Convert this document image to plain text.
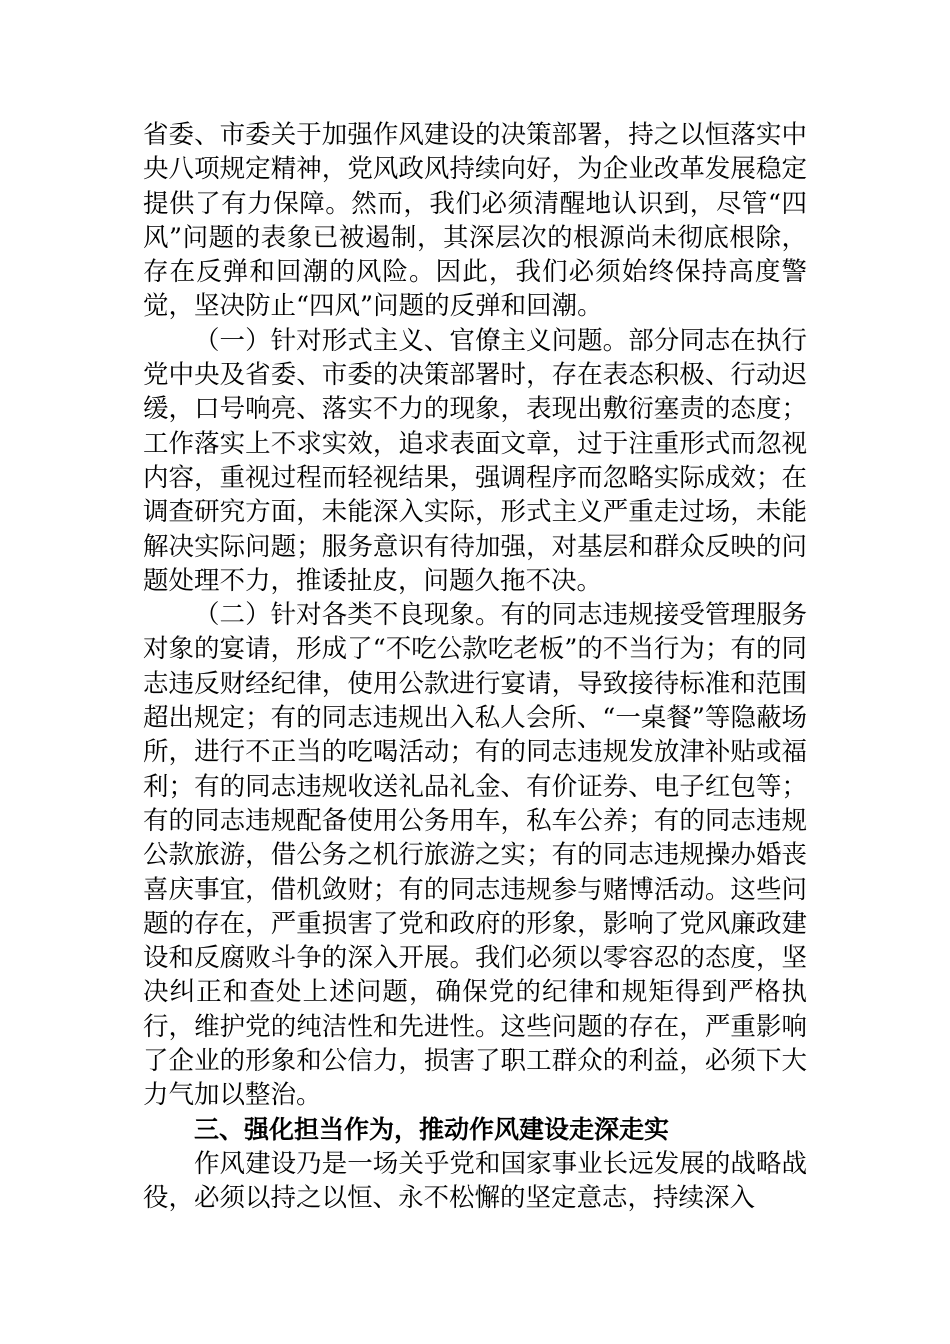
省委、市委关于加强作风建设的决策部署，持之以恒落实中央八项规定精神，党风政风持续向好，为企业改革发展稳定提供了有力保障。然而，我们必须清醒地认识到，尽管“四风”问题的表象已被遏制，其深层次的根源尚未彻底根除，存在反弹和回潮的风险。因此，我们必须始终保持高度警觉，坚决防止“四风”问题的反弹和回潮。

（一）针对形式主义、官僚主义问题。部分同志在执行党中央及省委、市委的决策部署时，存在表态积极、行动迟缓，口号响亮、落实不力的现象，表现出敷衍塞责的态度；工作落实上不求实效，追求表面文章，过于注重形式而忽视内容，重视过程而轻视结果，强调程序而忽略实际成效；在调查研究方面，未能深入实际，形式主义严重走过场，未能解决实际问题；服务意识有待加强，对基层和群众反映的问题处理不力，推诿扯皮，问题久拖不决。

（二）针对各类不良现象。有的同志违规接受管理服务对象的宴请，形成了“不吃公款吃老板”的不当行为；有的同志违反财经纪律，使用公款进行宴请，导致接待标准和范围超出规定；有的同志违规出入私人会所、“一桌餐”等隐蔽场所，进行不正当的吃喝活动；有的同志违规发放津补贴或福利；有的同志违规收送礼品礼金、有价证券、电子红包等；有的同志违规配备使用公务用车，私车公养；有的同志违规公款旅游，借公务之机行旅游之实；有的同志违规操办婚丧喜庆事宜，借机敛财；有的同志违规参与赌博活动。这些问题的存在，严重损害了党和政府的形象，影响了党风廉政建设和反腐败斗争的深入开展。我们必须以零容忍的态度，坚决纠正和查处上述问题，确保党的纪律和规矩得到严格执行，维护党的纯洁性和先进性。这些问题的存在，严重影响了企业的形象和公信力，损害了职工群众的利益，必须下大力气加以整治。

三、强化担当作为，推动作风建设走深走实

作风建设乃是一场关乎党和国家事业长远发展的战略战役，必须以持之以恒、永不松懈的坚定意志，持续深入
